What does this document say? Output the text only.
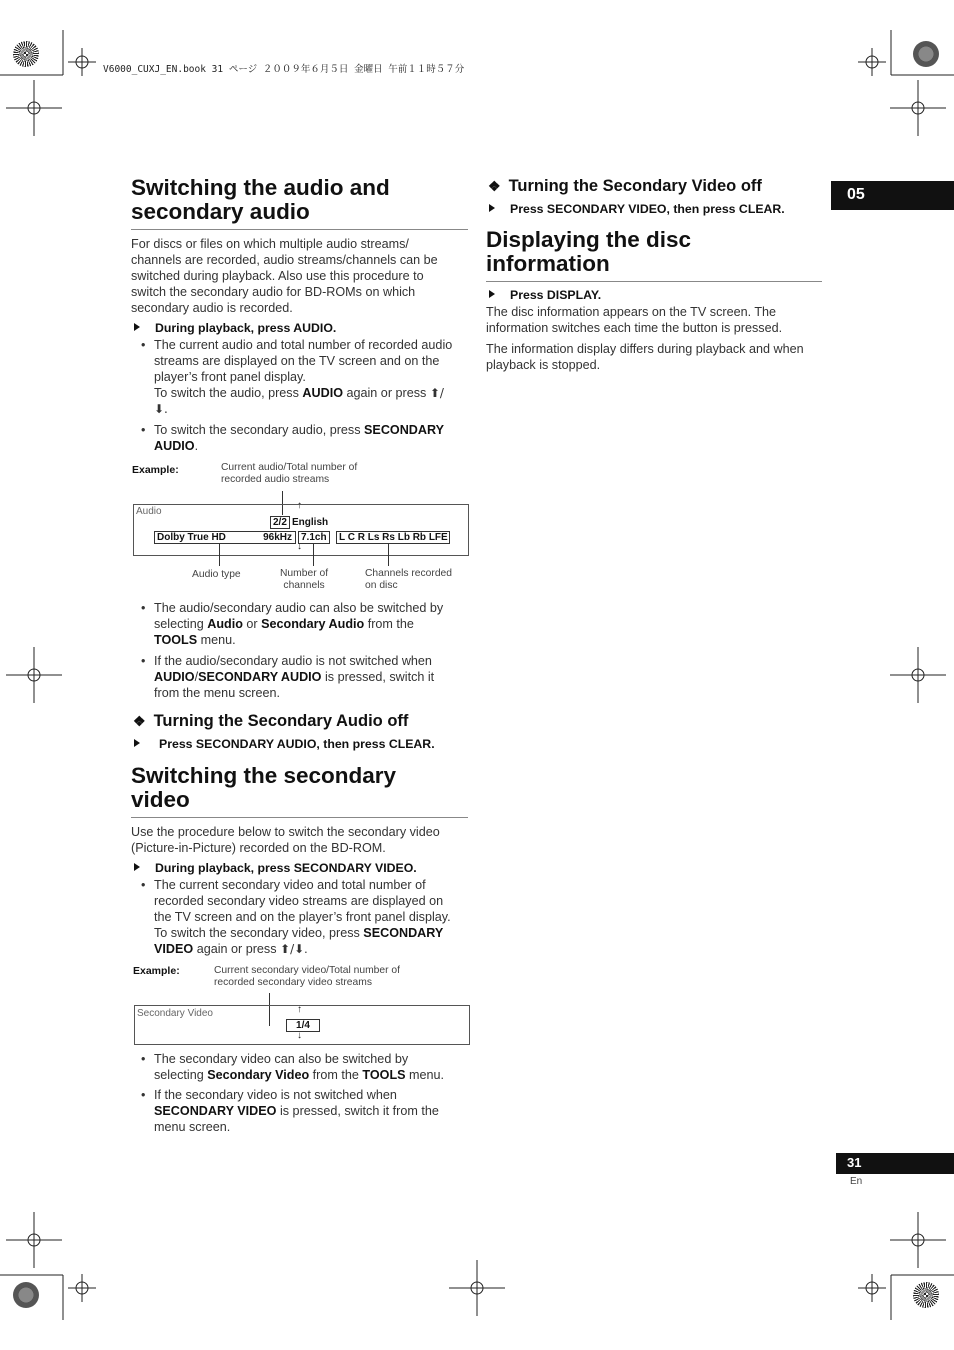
V6000_CUXJ_EN.book 31 ページ ２００９年６月５日 金曜日 午前１１時５７分
05
Switching the audio and
secondary audio
For discs or files on which multiple audio streams/
channels are recorded, audio streams/channels can be
switched during playback. Also use this procedure to
switch the secondary audio for BD-ROMs on which
secondary audio is recorded.
During playback, press AUDIO.
• The current audio and total number of recorded audio
streams are displayed on the TV screen and on the
player’s front panel display.
To switch the audio, press AUDIO again or press ⬆/
⬇.
• To switch the secondary audio, press SECONDARY
AUDIO.
Example:	Current audio/Total number of
recorded audio streams
↑
Audio
2/2 English
Dolby True HD	96kHz 7.1ch	L C R Ls Rs Lb Rb LFE
↓
Audio type	Number of
channels
Channels recorded
on disc
• The audio/secondary audio can also be switched by
selecting Audio or Secondary Audio from the
TOOLS menu.
• If the audio/secondary audio is not switched when
AUDIO/SECONDARY AUDIO is pressed, switch it
from the menu screen.
❖ Turning the Secondary Audio off
Press SECONDARY AUDIO, then press CLEAR.
Switching the secondary
video
Use the procedure below to switch the secondary video
(Picture-in-Picture) recorded on the BD-ROM.
During playback, press SECONDARY VIDEO.
• The current secondary video and total number of
recorded secondary video streams are displayed on
the TV screen and on the player’s front panel display.
To switch the secondary video, press SECONDARY
VIDEO again or press ⬆/⬇.
Example:	Current secondary video/Total number of
recorded secondary video streams
↑
Secondary Video
1/4
↓
• The secondary video can also be switched by
selecting Secondary Video from the TOOLS menu.
• If the secondary video is not switched when
SECONDARY VIDEO is pressed, switch it from the
menu screen.
❖ Turning the Secondary Video off
Press SECONDARY VIDEO, then press CLEAR.
Displaying the disc
information
Press DISPLAY.
The disc information appears on the TV screen. The
information switches each time the button is pressed.
The information display differs during playback and when
playback is stopped.
31
En
